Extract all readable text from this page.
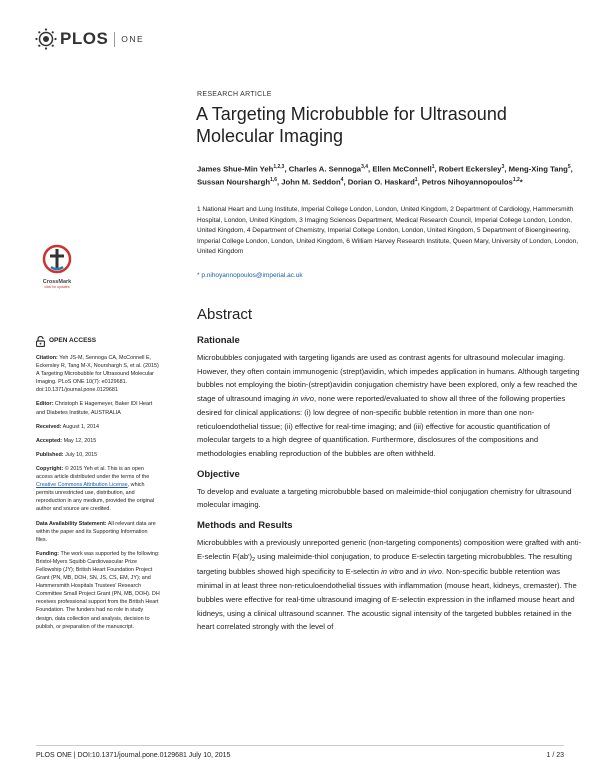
PLOS ONE
RESEARCH ARTICLE
A Targeting Microbubble for Ultrasound
Molecular Imaging
James Shue-Min Yeh$^{1,2,3}$, Charles A. Sennoga$^{3,4}$, Ellen McConnell$^1$, Robert Eckersley$^3$, Meng-Xing Tang$^5$, Sussan Nourshargh$^{1,6}$, John M. Seddon$^4$, Dorian O. Haskard$^1$, Petros Nihoyannopoulos$^{1,2}$*
1 National Heart and Lung Institute, Imperial College London, London, United Kingdom, 2 Department of Cardiology, Hammersmith Hospital, London, United Kingdom, 3 Imaging Sciences Department, Medical Research Council, Imperial College London, London, United Kingdom, 4 Department of Chemistry, Imperial College London, London, United Kingdom, 5 Department of Bioengineering, Imperial College London, London, United Kingdom, 6 William Harvey Research Institute, Queen Mary, University of London, London, United Kingdom
* p.nihoyannopoulos@imperial.ac.uk
CrossMark
click for updates
OPEN ACCESS

Citation: Yeh JS-M, Sennoga CA, McConnell E, Eckersley R, Tang M-X, Nourshargh S, et al. (2015) A Targeting Microbubble for Ultrasound Molecular Imaging. PLoS ONE 10(7): e0129681. doi:10.1371/journal.pone.0129681

Editor: Christoph E Hagemeyer, Baker IDI Heart and Diabetes Institute, AUSTRALIA

Received: August 1, 2014

Accepted: May 12, 2015

Published: July 10, 2015

Copyright: © 2015 Yeh et al. This is an open access article distributed under the terms of the Creative Commons Attribution License, which permits unrestricted use, distribution, and reproduction in any medium, provided the original author and source are credited.

Data Availability Statement: All relevant data are within the paper and its Supporting Information files.

Funding: The work was supported by the following: Bristol-Myers Squibb Cardiovascular Prize Fellowship (JY); British Heart Foundation Project Grant (PN, MB, DOH, SN, JS, CS, EM, JY); and Hammersmith Hospitals Trustees' Research Committee Small Project Grant (PN, MB, DOH). DH receives professional support from the British Heart Foundation. The funders had no role in study design, data collection and analysis, decision to publish, or preparation of the manuscript.

Abstract
Rationale

Microbubbles conjugated with targeting ligands are used as contrast agents for ultrasound molecular imaging. However, they often contain immunogenic (strept)avidin, which impedes application in humans. Although targeting bubbles not employing the biotin-(strept)avidin conjugation chemistry have been explored, only a few reached the stage of ultrasound imaging in vivo, none were reported/evaluated to show all three of the following properties desired for clinical applications: (i) low degree of non-specific bubble retention in more than one non-reticuloendothelial tissue; (ii) effective for real-time imaging; and (iii) effective for acoustic quantification of molecular targets to a high degree of quantification. Furthermore, disclosures of the compositions and methodologies enabling reproduction of the bubbles are often withheld.

Objective

To develop and evaluate a targeting microbubble based on maleimide-thiol conjugation chemistry for ultrasound molecular imaging.

Methods and Results

Microbubbles with a previously unreported generic (non-targeting components) composition were grafted with anti-E-selectin $F(ab')_2$ using maleimide-thiol conjugation, to produce E-selectin targeting microbubbles. The resulting targeting bubbles showed high specificity to E-selectin in vitro and in vivo. Non-specific bubble retention was minimal in at least three non-reticuloendothelial tissues with inflammation (mouse heart, kidneys, cremaster). The bubbles were effective for real-time ultrasound imaging of E-selectin expression in the inflamed mouse heart and kidneys, using a clinical ultrasound scanner. The acoustic signal intensity of the targeted bubbles retained in the heart correlated strongly with the level of

PLOS ONE | DOI:10.1371/journal.pone.0129681 July 10, 2015	1 / 23
